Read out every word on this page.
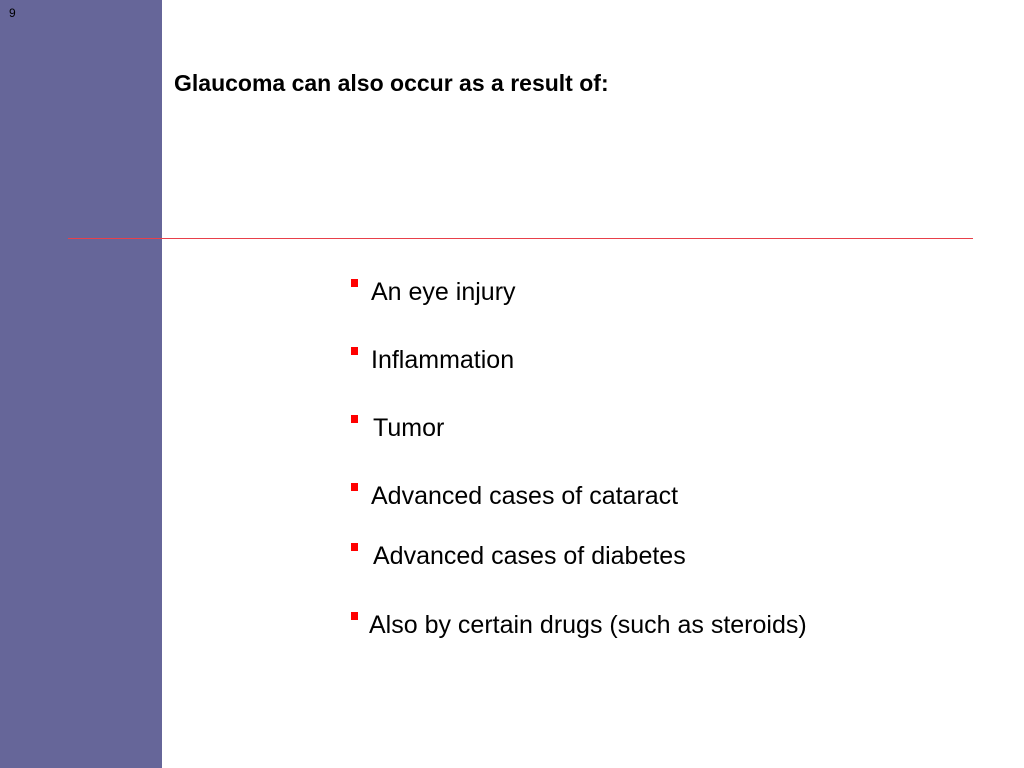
9
Glaucoma can also occur as a result of:
An eye injury
Inflammation
Tumor
Advanced cases of cataract
Advanced cases of diabetes
Also by certain drugs (such as steroids)
